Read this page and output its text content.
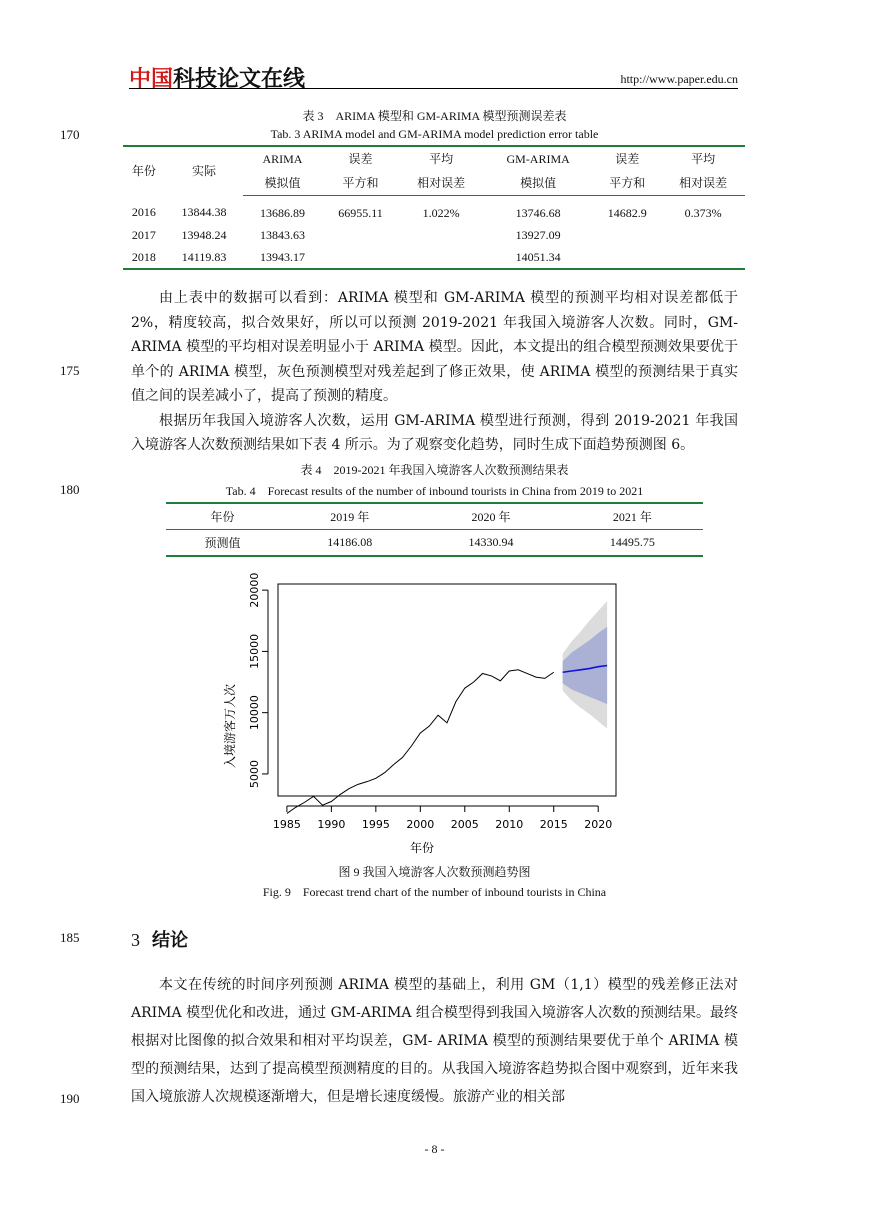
中国科技论文在线	http://www.paper.edu.cn
170
175
180
185
190
表 3　ARIMA 模型和 GM-ARIMA 模型预测误差表
Tab. 3 ARIMA model and GM-ARIMA model prediction error table
年份	实际	ARIMA	误差	平均	GM-ARIMA	误差	平均
		模拟值	平方和	相对误差	模拟值	平方和	相对误差
2016	13844.38	13686.89	66955.11	1.022%	13746.68	14682.9	0.373%
2017	13948.24	13843.63			13927.09		
2018	14119.83	13943.17			14051.34		

由上表中的数据可以看到：ARIMA 模型和 GM-ARIMA 模型的预测平均相对误差都低于 2%，精度较高，拟合效果好，所以可以预测 2019-2021 年我国入境游客人次数。同时，GM-ARIMA 模型的平均相对误差明显小于 ARIMA 模型。因此，本文提出的组合模型预测效果要优于单个的 ARIMA 模型，灰色预测模型对残差起到了修正效果，使 ARIMA 模型的预测结果于真实值之间的误差减小了，提高了预测的精度。

根据历年我国入境游客人次数，运用 GM-ARIMA 模型进行预测，得到 2019-2021 年我国入境游客人次数预测结果如下表 4 所示。为了观察变化趋势，同时生成下面趋势预测图 6。

表 4　2019-2021 年我国入境游客人次数预测结果表
Tab. 4　Forecast results of the number of inbound tourists in China from 2019 to 2021
年份	2019 年	2020 年	2021 年
预测值	14186.08	14330.94	14495.75
1985 1990 1995 2000 2005 2010 2015 2020
5000
10000
15000
20000
年份
入境游客万人次
图 9 我国入境游客人次数预测趋势图
Fig. 9　Forecast trend chart of the number of inbound tourists in China
3 结论

本文在传统的时间序列预测 ARIMA 模型的基础上，利用 GM（1,1）模型的残差修正法对 ARIMA 模型优化和改进，通过 GM-ARIMA 组合模型得到我国入境游客人次数的预测结果。最终根据对比图像的拟合效果和相对平均误差，GM- ARIMA 模型的预测结果要优于单个 ARIMA 模型的预测结果，达到了提高模型预测精度的目的。从我国入境游客趋势拟合图中观察到，近年来我国入境旅游人次规模逐渐增大，但是增长速度缓慢。旅游产业的相关部

- 8 -
